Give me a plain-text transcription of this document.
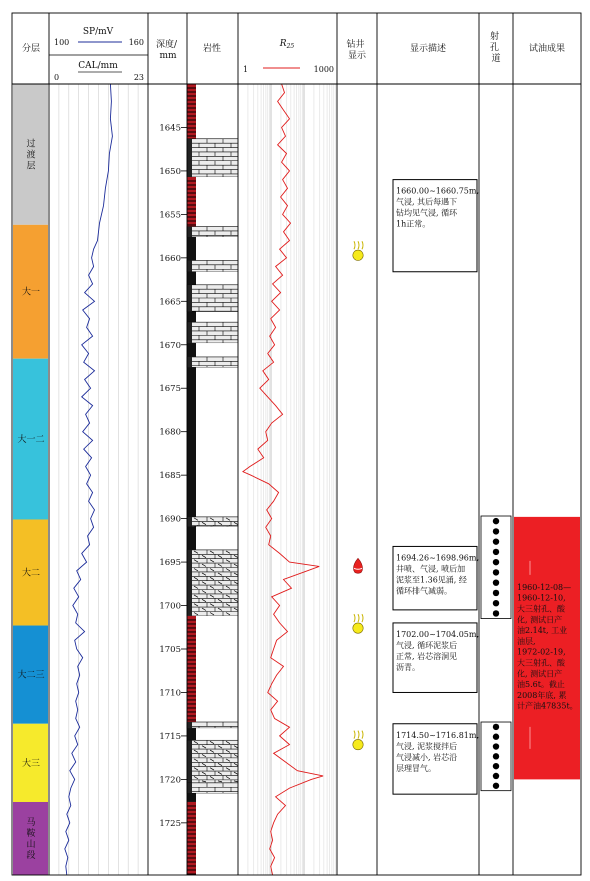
分层
SP/mV
100	160
CAL/mm
0	23
深度/ mm
岩性	$R_{25}$
1	1000
钻井 显示
显示描述
射 孔 道
试油成果
过
渡
层
大一
大一二
大二
大二三
大三
马
鞍
山
段
1645
1650
1655
1660
1665
1670
1675
1680
1685
1690
1695
1700
1705
1710
1715
1720
1725
1660.00~1660.75m,
气浸, 其后每遇下
钻均见气浸, 循环
1h正常。
1694.26~1698.96m,
井喷、气浸, 喷后加
泥浆至1.36见涌, 经
循环排气减弱。
1702.00~1704.05m,
气浸, 循环泥浆后
正常, 岩芯溶洞见
沥青。
1714.50~1716.81m,
气浸, 泥浆搅拌后
气浸减小, 岩芯沿
层理冒气。
1960-12-08—
1960-12-10,
大三射孔、酸
化, 测试日产
油2.14t, 工业
油层,
1972-02-19,
大三射孔、酸
化, 测试日产
油5.6t。截止
2008年底, 累
计产油47835t。
